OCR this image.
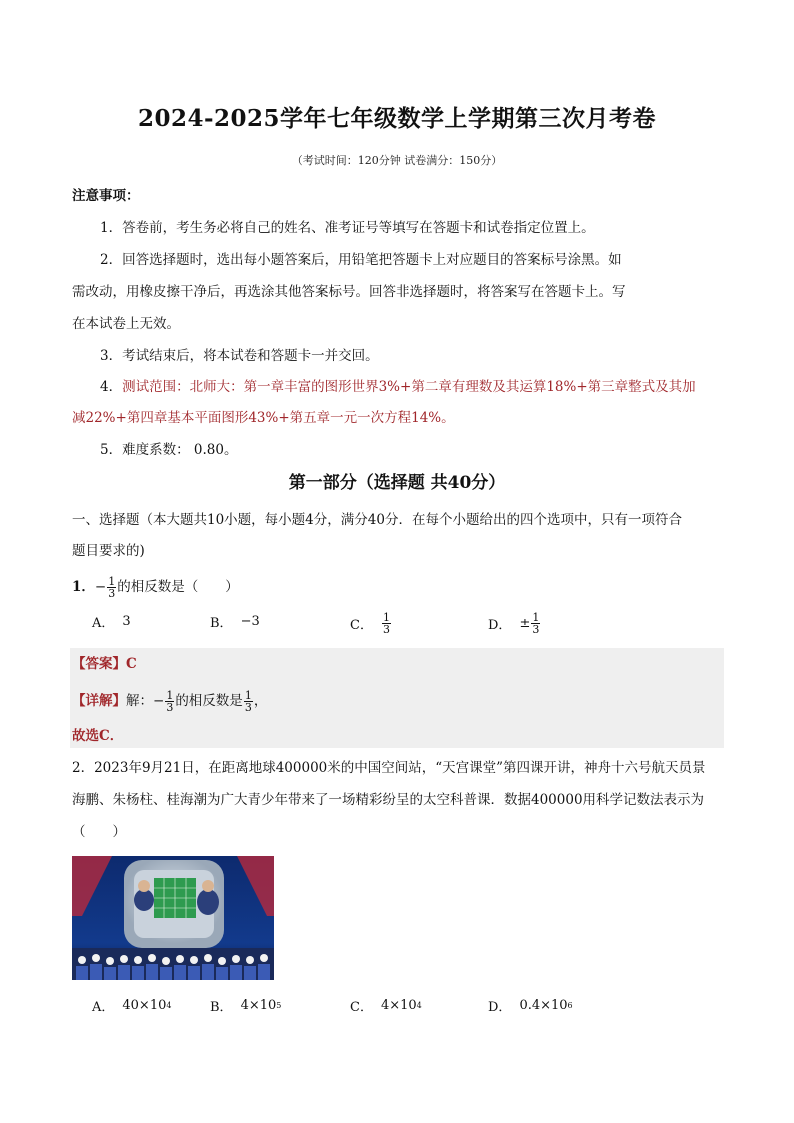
2024-2025学年七年级数学上学期第三次月考卷
（考试时间：120分钟 试卷满分：150分）
注意事项：
1．答卷前，考生务必将自己的姓名、准考证号等填写在答题卡和试卷指定位置上。
2．回答选择题时，选出每小题答案后，用铅笔把答题卡上对应题目的答案标号涂黑。如
需改动，用橡皮擦干净后，再选涂其他答案标号。回答非选择题时，将答案写在答题卡上。写
在本试卷上无效。
3．考试结束后，将本试卷和答题卡一并交回。
4．测试范围：北师大：第一章丰富的图形世界3%+第二章有理数及其运算18%+第三章整式及其加
减22%+第四章基本平面图形43%+第五章一元一次方程14%。
5．难度系数： 0.80。
第一部分（选择题 共40分）
一、选择题（本大题共10小题，每小题4分，满分40分．在每个小题给出的四个选项中，只有一项符合
题目要求的)
1． − $\frac{1}{3}$ 的相反数是（　　）
A． 3	B． −3	C． $\frac{1}{3}$	D． ± $\frac{1}{3}$
【答案】C
【详解】 解： − $\frac{1}{3}$ 的相反数是 $\frac{1}{3}$ ，
故选C．
2．2023年9月21日，在距离地球400000米的中国空间站，“天宫课堂”第四课开讲，神舟十六号航天员景
海鹏、朱杨柱、桂海潮为广大青少年带来了一场精彩纷呈的太空科普课．数据400000用科学记数法表示为
（　　）
A． 40×10 4	B． 4×10 5	C． 4×10 4	D． 0.4×10 6
